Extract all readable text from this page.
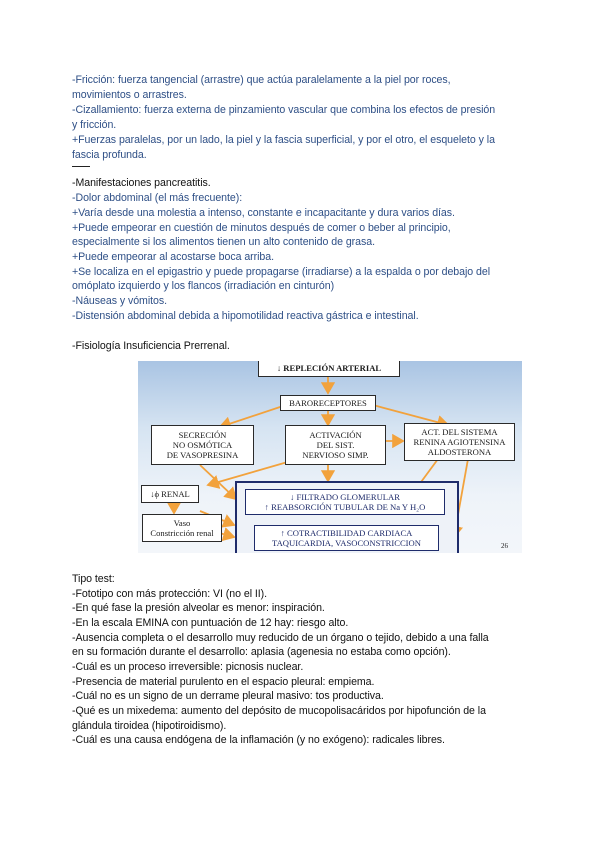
-Fricción: fuerza tangencial (arrastre) que actúa paralelamente a la piel por roces,
movimientos o arrastres.
-Cizallamiento: fuerza externa de pinzamiento vascular que combina los efectos de presión
y fricción.
+Fuerzas paralelas, por un lado, la piel y la fascia superficial, y por el otro, el esqueleto y la
fascia profunda.
-Manifestaciones pancreatitis.
-Dolor abdominal (el más frecuente):
+Varía desde una molestia a intenso, constante e incapacitante y dura varios días.
+Puede empeorar en cuestión de minutos después de comer o beber al principio,
especialmente si los alimentos tienen un alto contenido de grasa.
+Puede empeorar al acostarse boca arriba.
+Se localiza en el epigastrio y puede propagarse (irradiarse) a la espalda o por debajo del
omóplato izquierdo y los flancos (irradiación en cinturón)
-Náuseas y vómitos.
-Distensión abdominal debida a hipomotilidad reactiva gástrica e intestinal.
-Fisiología Insuficiencia Prerrenal.
↓ REPLECIÓN ARTERIAL
BARORECEPTORES
SECRECIÓN
NO OSMÓTICA
DE VASOPRESINA
ACTIVACIÓN
DEL SIST.
NERVIOSO SIMP.
ACT. DEL SISTEMA
RENINA AGIOTENSINA
ALDOSTERONA
↓ϕ RENAL
Vaso
Constricción renal
↓ FILTRADO GLOMERULAR
↑ REABSORCIÓN TUBULAR DE Na Y H₂O
↑ COTRACTIBILIDAD CARDIACA
TAQUICARDIA, VASOCONSTRICCION	26
Tipo test:
-Fototipo con más protección: VI (no el II).
-En qué fase la presión alveolar es menor: inspiración.
-En la escala EMINA con puntuación de 12 hay: riesgo alto.
-Ausencia completa o el desarrollo muy reducido de un órgano o tejido, debido a una falla
en su formación durante el desarrollo: aplasia (agenesia no estaba como opción).
-Cuál es un proceso irreversible: picnosis nuclear.
-Presencia de material purulento en el espacio pleural: empiema.
-Cuál no es un signo de un derrame pleural masivo: tos productiva.
-Qué es un mixedema: aumento del depósito de mucopolisacáridos por hipofunción de la
glándula tiroidea (hipotiroidismo).
-Cuál es una causa endógena de la inflamación (y no exógeno): radicales libres.
